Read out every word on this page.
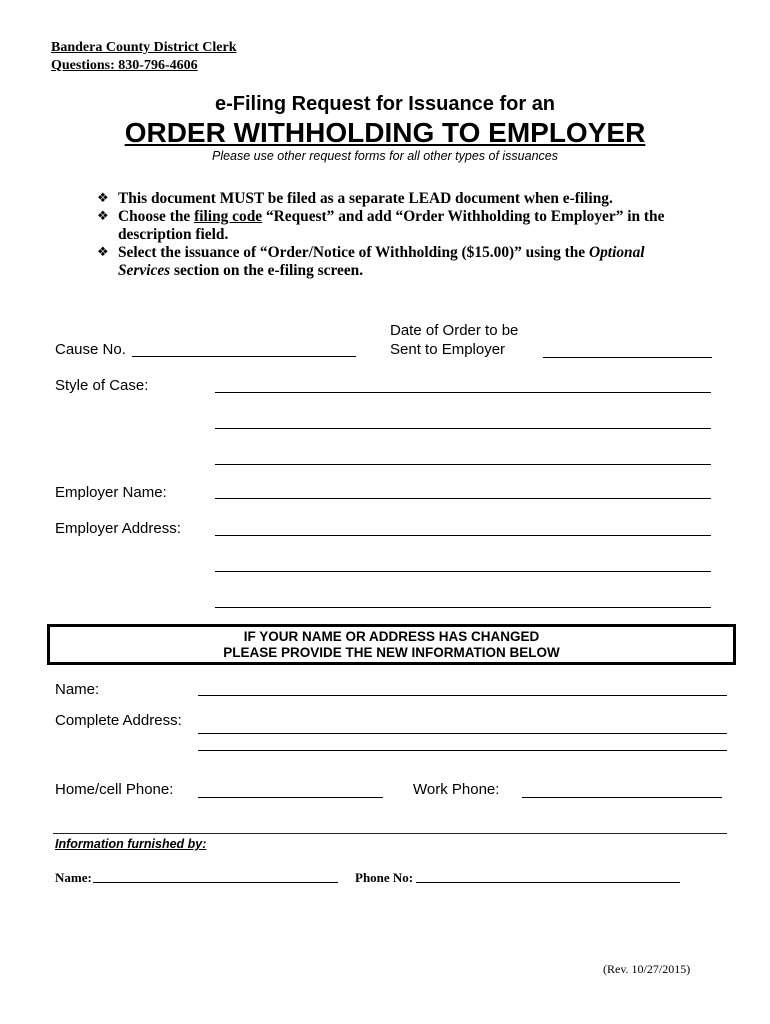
Bandera County District Clerk
Questions: 830-796-4606
e-Filing Request for Issuance for an
ORDER WITHHOLDING TO EMPLOYER
Please use other request forms for all other types of issuances
❖
This document MUST be filed as a separate LEAD document when e-filing.
❖
Choose the filing code “Request” and add “Order Withholding to Employer” in the description field.
❖
Select the issuance of “Order/Notice of Withholding ($15.00)” using the Optional Services section on the e-filing screen.
Cause No.
Date of Order to be
Sent to Employer
Style of Case:
Employer Name:
Employer Address:
IF YOUR NAME OR ADDRESS HAS CHANGED
PLEASE PROVIDE THE NEW INFORMATION BELOW
Name:
Complete Address:
Home/cell Phone:	Work Phone:
Information furnished by:
Name:	Phone No:
(Rev. 10/27/2015)
